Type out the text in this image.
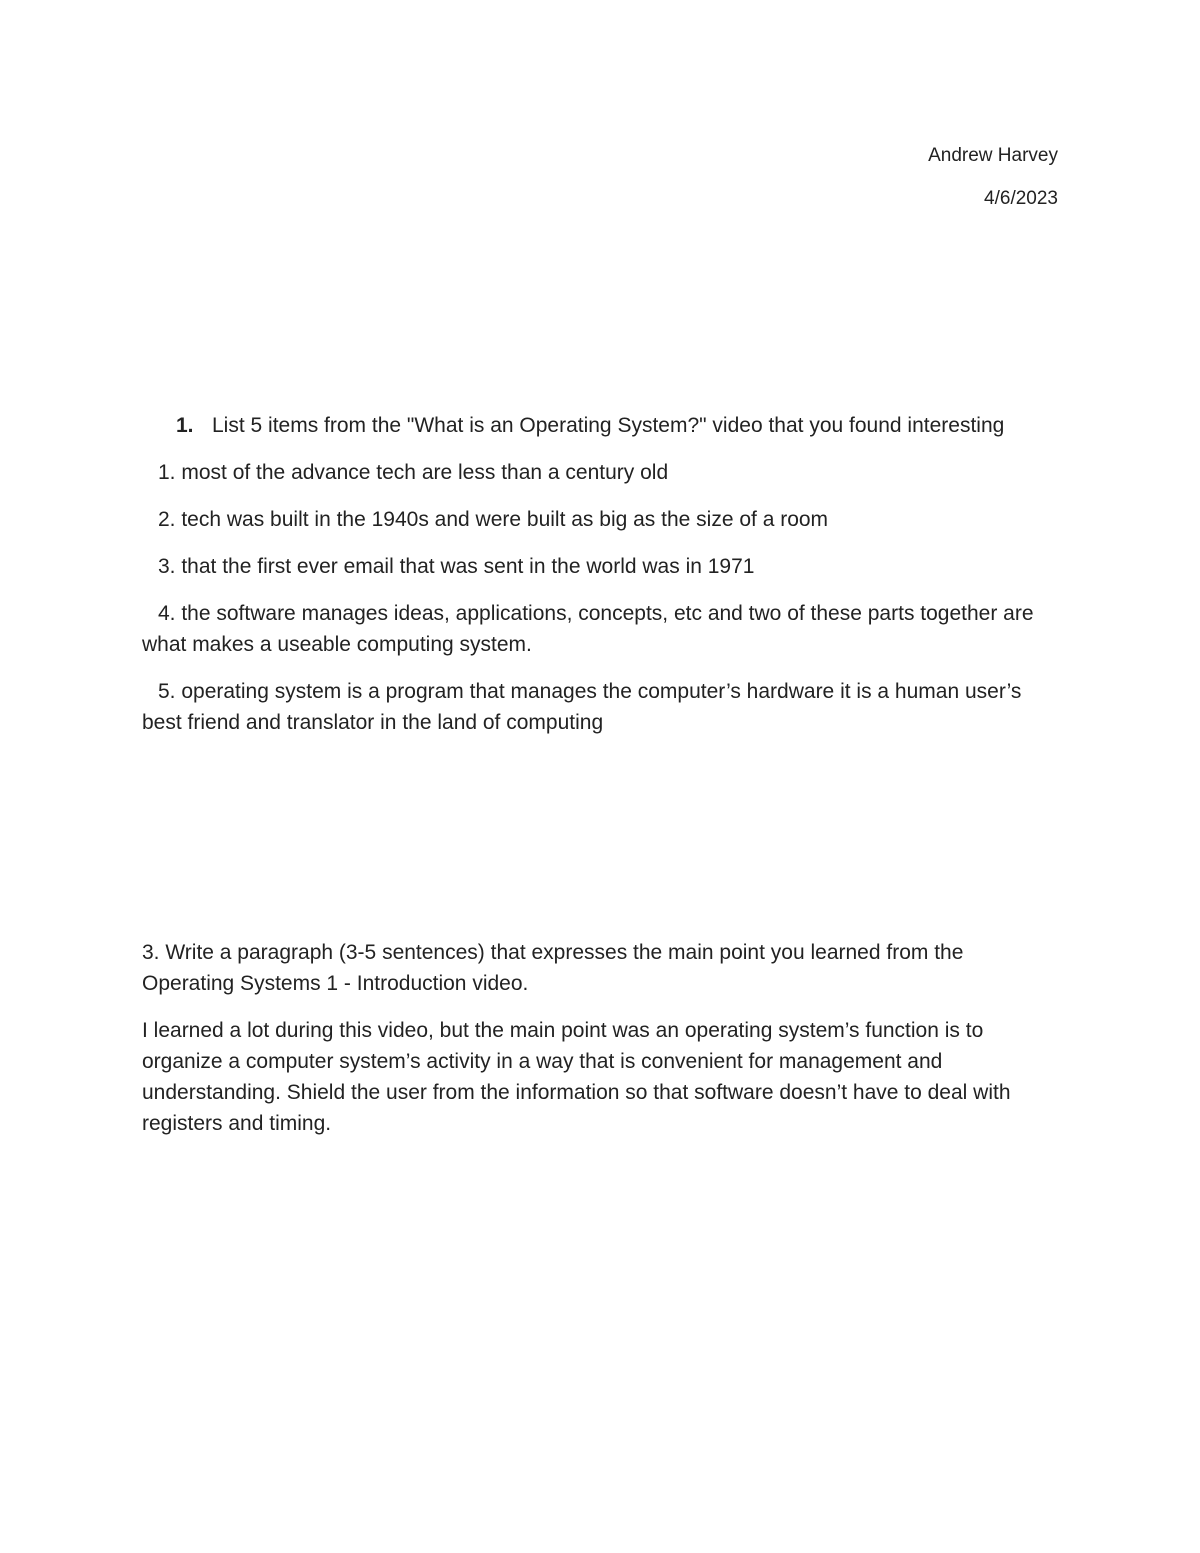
Andrew Harvey
4/6/2023
1. List 5 items from the "What is an Operating System?" video that you found interesting
1. most of the advance tech are less than a century old
2. tech was built in the 1940s and were built as big as the size of a room
3. that the first ever email that was sent in the world was in 1971
4. the software manages ideas, applications, concepts, etc and two of these parts together are what makes a useable computing system.
5. operating system is a program that manages the computer’s hardware it is a human user’s best friend and translator in the land of computing
3. Write a paragraph (3-5 sentences) that expresses the main point you learned from the Operating Systems 1 - Introduction video.
I learned a lot during this video, but the main point was an operating system’s function is to organize a computer system’s activity in a way that is convenient for management and understanding. Shield the user from the information so that software doesn’t have to deal with registers and timing.
